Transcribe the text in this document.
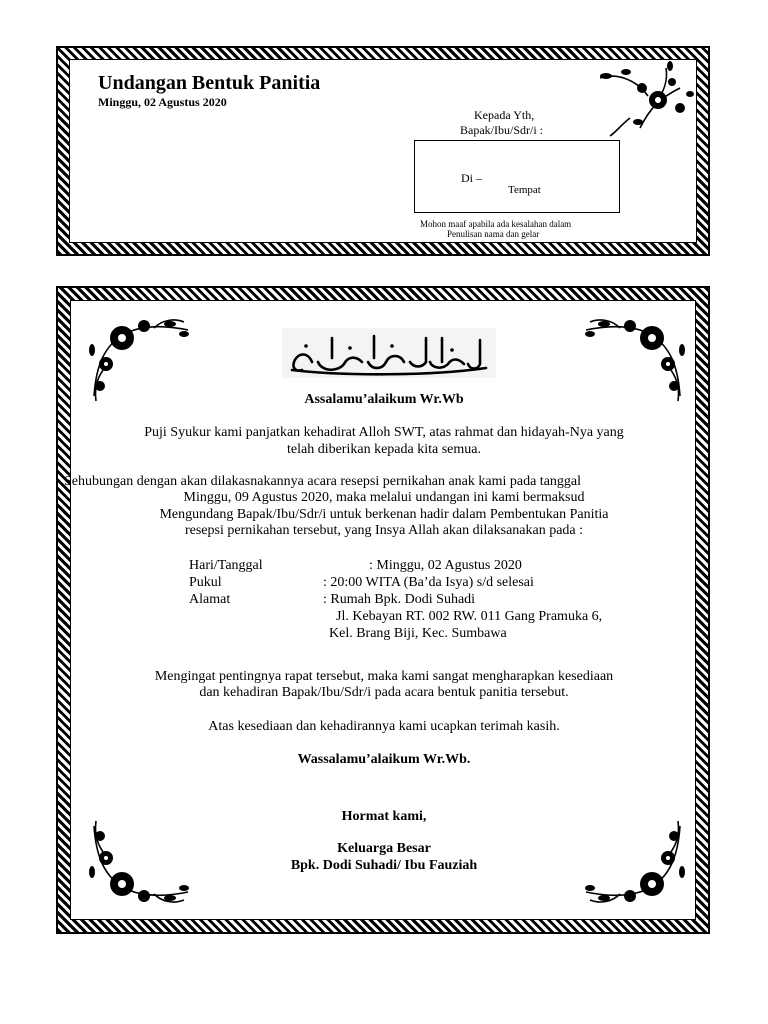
Undangan Bentuk Panitia
Minggu, 02 Agustus 2020
Kepada Yth,
Bapak/Ibu/Sdr/i :
Di –
Tempat
Mohon maaf apabila ada kesalahan dalam
Penulisan nama dan gelar
Assalamu’alaikum Wr.Wb
Puji Syukur kami panjatkan kehadirat Alloh SWT, atas rahmat dan hidayah-Nya yang
telah diberikan kepada kita semua.
Sehubungan dengan akan dilakasnakannya acara resepsi pernikahan anak kami pada tanggal
Minggu, 09 Agustus 2020, maka melalui undangan ini kami bermaksud
Mengundang Bapak/Ibu/Sdr/i untuk berkenan hadir dalam Pembentukan Panitia
resepsi pernikahan tersebut, yang Insya Allah akan dilaksanakan pada :
Hari/Tanggal	: Minggu, 02 Agustus 2020
Pukul	: 20:00 WITA (Ba’da Isya) s/d selesai
Alamat	: Rumah Bpk. Dodi Suhadi
Jl. Kebayan RT. 002 RW. 011 Gang Pramuka 6,
Kel. Brang Biji, Kec. Sumbawa
Mengingat pentingnya rapat tersebut, maka kami sangat mengharapkan kesediaan
dan kehadiran Bapak/Ibu/Sdr/i pada acara bentuk panitia tersebut.
Atas kesediaan dan kehadirannya kami ucapkan terimah kasih.
Wassalamu’alaikum Wr.Wb.
Hormat kami,
Keluarga Besar
Bpk. Dodi Suhadi/ Ibu Fauziah
